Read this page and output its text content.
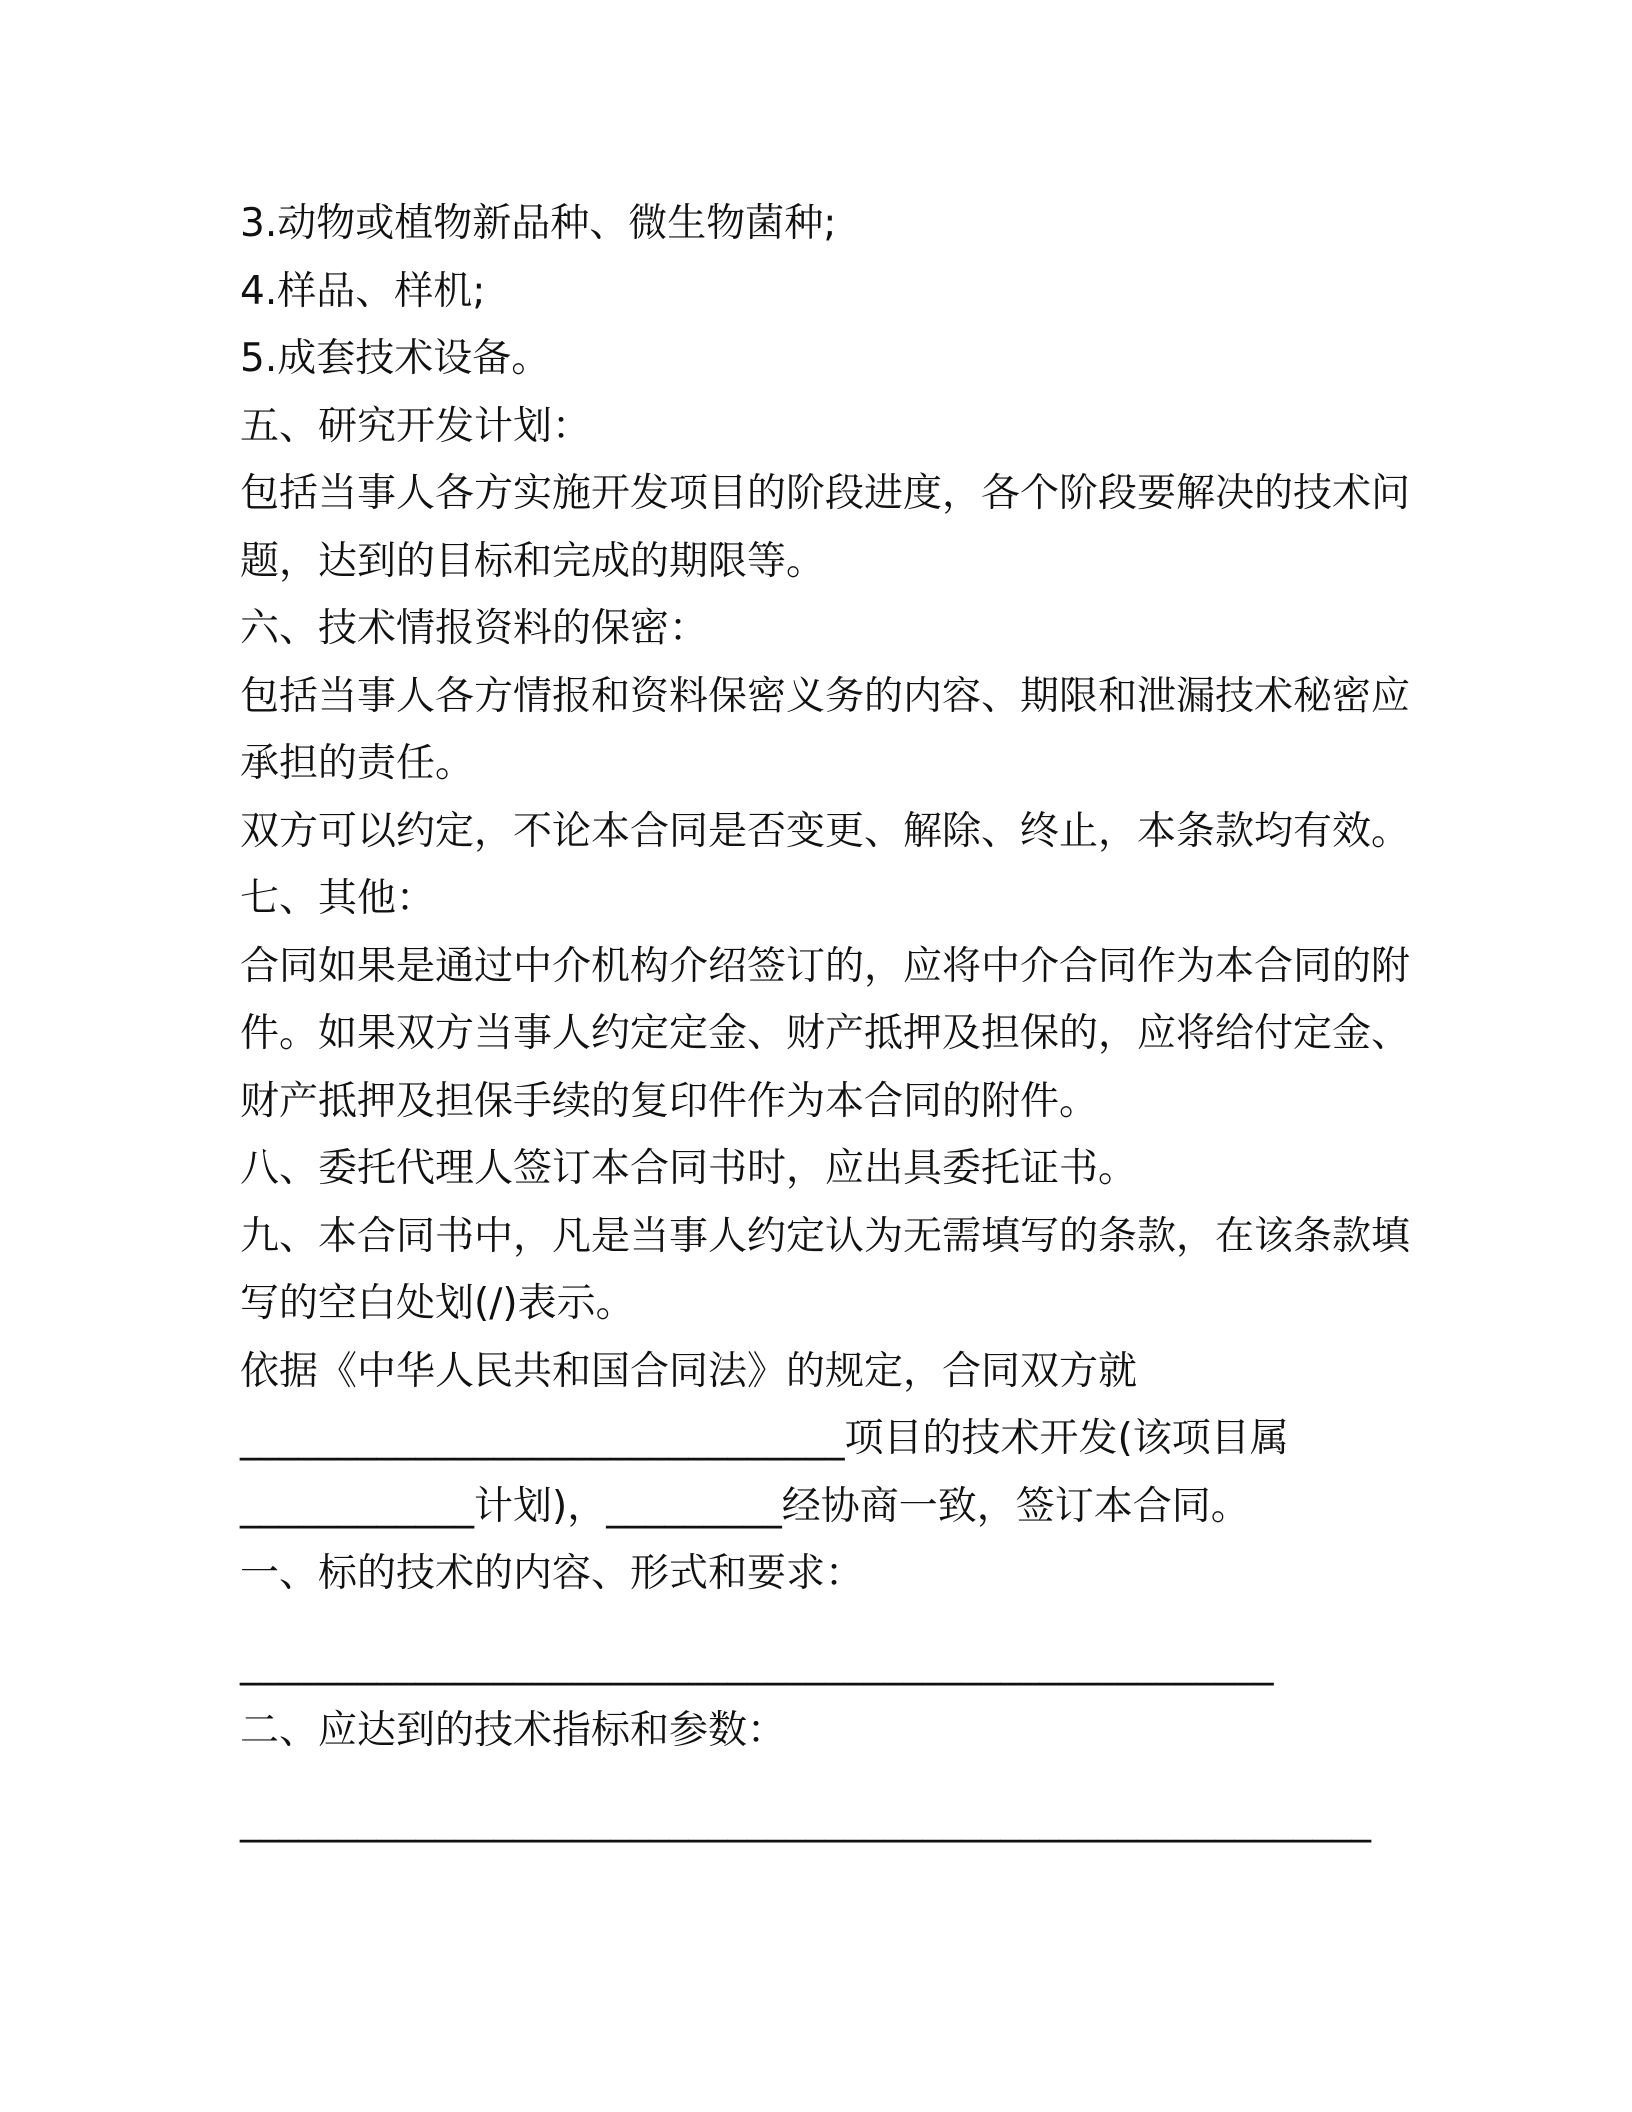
3.动物或植物新品种、微生物菌种;
4.样品、样机;
5.成套技术设备。
五、研究开发计划：
包括当事人各方实施开发项目的阶段进度，各个阶段要解决的技术问
题，达到的目标和完成的期限等。
六、技术情报资料的保密：
包括当事人各方情报和资料保密义务的内容、期限和泄漏技术秘密应
承担的责任。
双方可以约定，不论本合同是否变更、解除、终止，本条款均有效。
七、其他：
合同如果是通过中介机构介绍签订的，应将中介合同作为本合同的附
件。如果双方当事人约定定金、财产抵押及担保的，应将给付定金、
财产抵押及担保手续的复印件作为本合同的附件。
八、委托代理人签订本合同书时，应出具委托证书。
九、本合同书中，凡是当事人约定认为无需填写的条款，在该条款填
写的空白处划(/)表示。
依据《中华人民共和国合同法》的规定，合同双方就
_______________________________项目的技术开发(该项目属
____________计划)，_________经协商一致，签订本合同。
一、标的技术的内容、形式和要求：
_____________________________________________________
二、应达到的技术指标和参数：
__________________________________________________________
